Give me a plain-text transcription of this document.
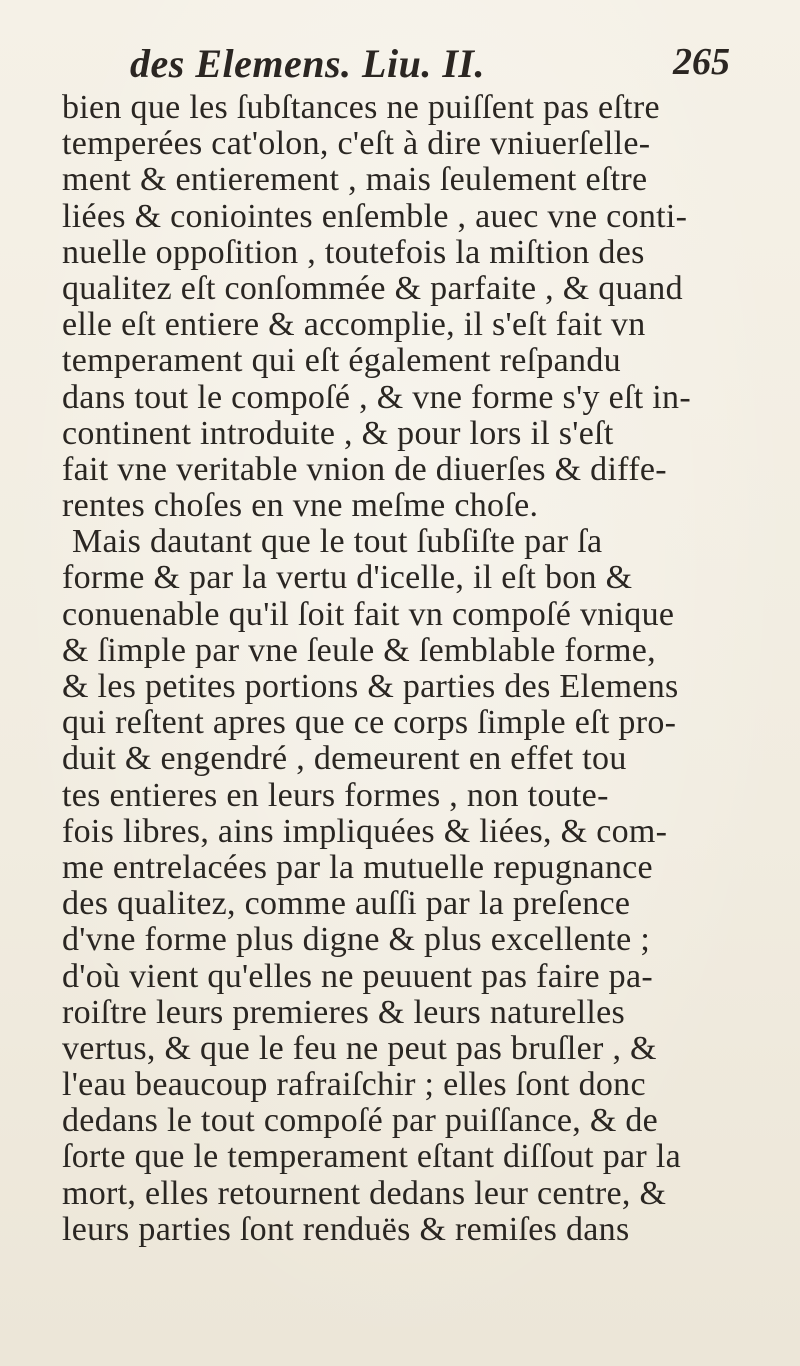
des Elemens. Liu. II.	265
bien que les ſubſtances ne puiſſent pas eſtre
temperées cat'olon, c'eſt à dire vniuerſelle-
ment & entierement , mais ſeulement eſtre
liées & coniointes enſemble , auec vne conti-
nuelle oppoſition , toutefois la miſtion des
qualitez eſt conſommée & parfaite , & quand
elle eſt entiere & accomplie, il s'eſt fait vn
temperament qui eſt également reſpandu
dans tout le compoſé , & vne forme s'y eſt in-
continent introduite , & pour lors il s'eſt
fait vne veritable vnion de diuerſes & diffe-
rentes choſes en vne meſme choſe.
Mais dautant que le tout ſubſiſte par ſa
forme & par la vertu d'icelle, il eſt bon &
conuenable qu'il ſoit fait vn compoſé vnique
& ſimple par vne ſeule & ſemblable forme,
& les petites portions & parties des Elemens
qui reſtent apres que ce corps ſimple eſt pro-
duit & engendré , demeurent en effet tou
tes entieres en leurs formes , non toute-
fois libres, ains impliquées & liées, & com-
me entrelacées par la mutuelle repugnance
des qualitez, comme auſſi par la preſence
d'vne forme plus digne & plus excellente ;
d'où vient qu'elles ne peuuent pas faire pa-
roiſtre leurs premieres & leurs naturelles
vertus, & que le feu ne peut pas bruſler , &
l'eau beaucoup rafraiſchir ; elles ſont donc
dedans le tout compoſé par puiſſance, & de
ſorte que le temperament eſtant diſſout par la
mort, elles retournent dedans leur centre, &
leurs parties ſont renduës & remiſes dans
